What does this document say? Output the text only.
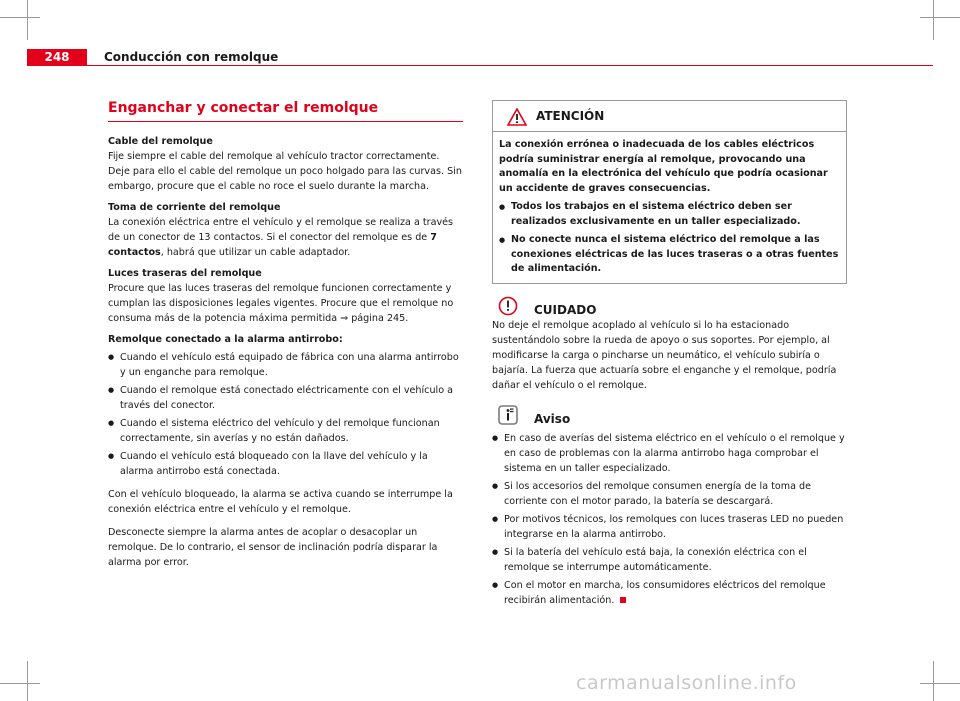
248	Conducción con remolque
Enganchar y conectar el remolque

Cable del remolque

Fije siempre el cable del remolque al vehículo tractor correctamente. Deje para ello el cable del remolque un poco holgado para las curvas. Sin embargo, procure que el cable no roce el suelo durante la marcha.

Toma de corriente del remolque

La conexión eléctrica entre el vehículo y el remolque se realiza a través de un conector de 13 contactos. Si el conector del remolque es de 7 contactos, habrá que utilizar un cable adaptador.

Luces traseras del remolque

Procure que las luces traseras del remolque funcionen correctamente y cumplan las disposiciones legales vigentes. Procure que el remolque no consuma más de la potencia máxima permitida ⇒ página 245.

Remolque conectado a la alarma antirrobo:

● Cuando el vehículo está equipado de fábrica con una alarma antirrobo y un enganche para remolque.

● Cuando el remolque está conectado eléctricamente con el vehículo a través del conector.

● Cuando el sistema eléctrico del vehículo y del remolque funcionan correctamente, sin averías y no están dañados.

● Cuando el vehículo está bloqueado con la llave del vehículo y la alarma antirrobo está conectada.

Con el vehículo bloqueado, la alarma se activa cuando se interrumpe la conexión eléctrica entre el vehículo y el remolque.

Desconecte siempre la alarma antes de acoplar o desacoplar un remolque. De lo contrario, el sensor de inclinación podría disparar la alarma por error.

ATENCIÓN

La conexión errónea o inadecuada de los cables eléctricos podría suministrar energía al remolque, provocando una anomalía en la electrónica del vehículo que podría ocasionar un accidente de graves consecuencias.

● Todos los trabajos en el sistema eléctrico deben ser realizados exclusivamente en un taller especializado.

● No conecte nunca el sistema eléctrico del remolque a las conexiones eléctricas de las luces traseras o a otras fuentes de alimentación.

CUIDADO

No deje el remolque acoplado al vehículo si lo ha estacionado sustentándolo sobre la rueda de apoyo o sus soportes. Por ejemplo, al modificarse la carga o pincharse un neumático, el vehículo subiría o bajaría. La fuerza que actuaría sobre el enganche y el remolque, podría dañar el vehículo o el remolque.

Aviso

● En caso de averías del sistema eléctrico en el vehículo o el remolque y en caso de problemas con la alarma antirrobo haga comprobar el sistema en un taller especializado.

● Si los accesorios del remolque consumen energía de la toma de corriente con el motor parado, la batería se descargará.

● Por motivos técnicos, los remolques con luces traseras LED no pueden integrarse en la alarma antirrobo.

● Si la batería del vehículo está baja, la conexión eléctrica con el remolque se interrumpe automáticamente.

● Con el motor en marcha, los consumidores eléctricos del remolque recibirán alimentación.

carmanualsonline.info
